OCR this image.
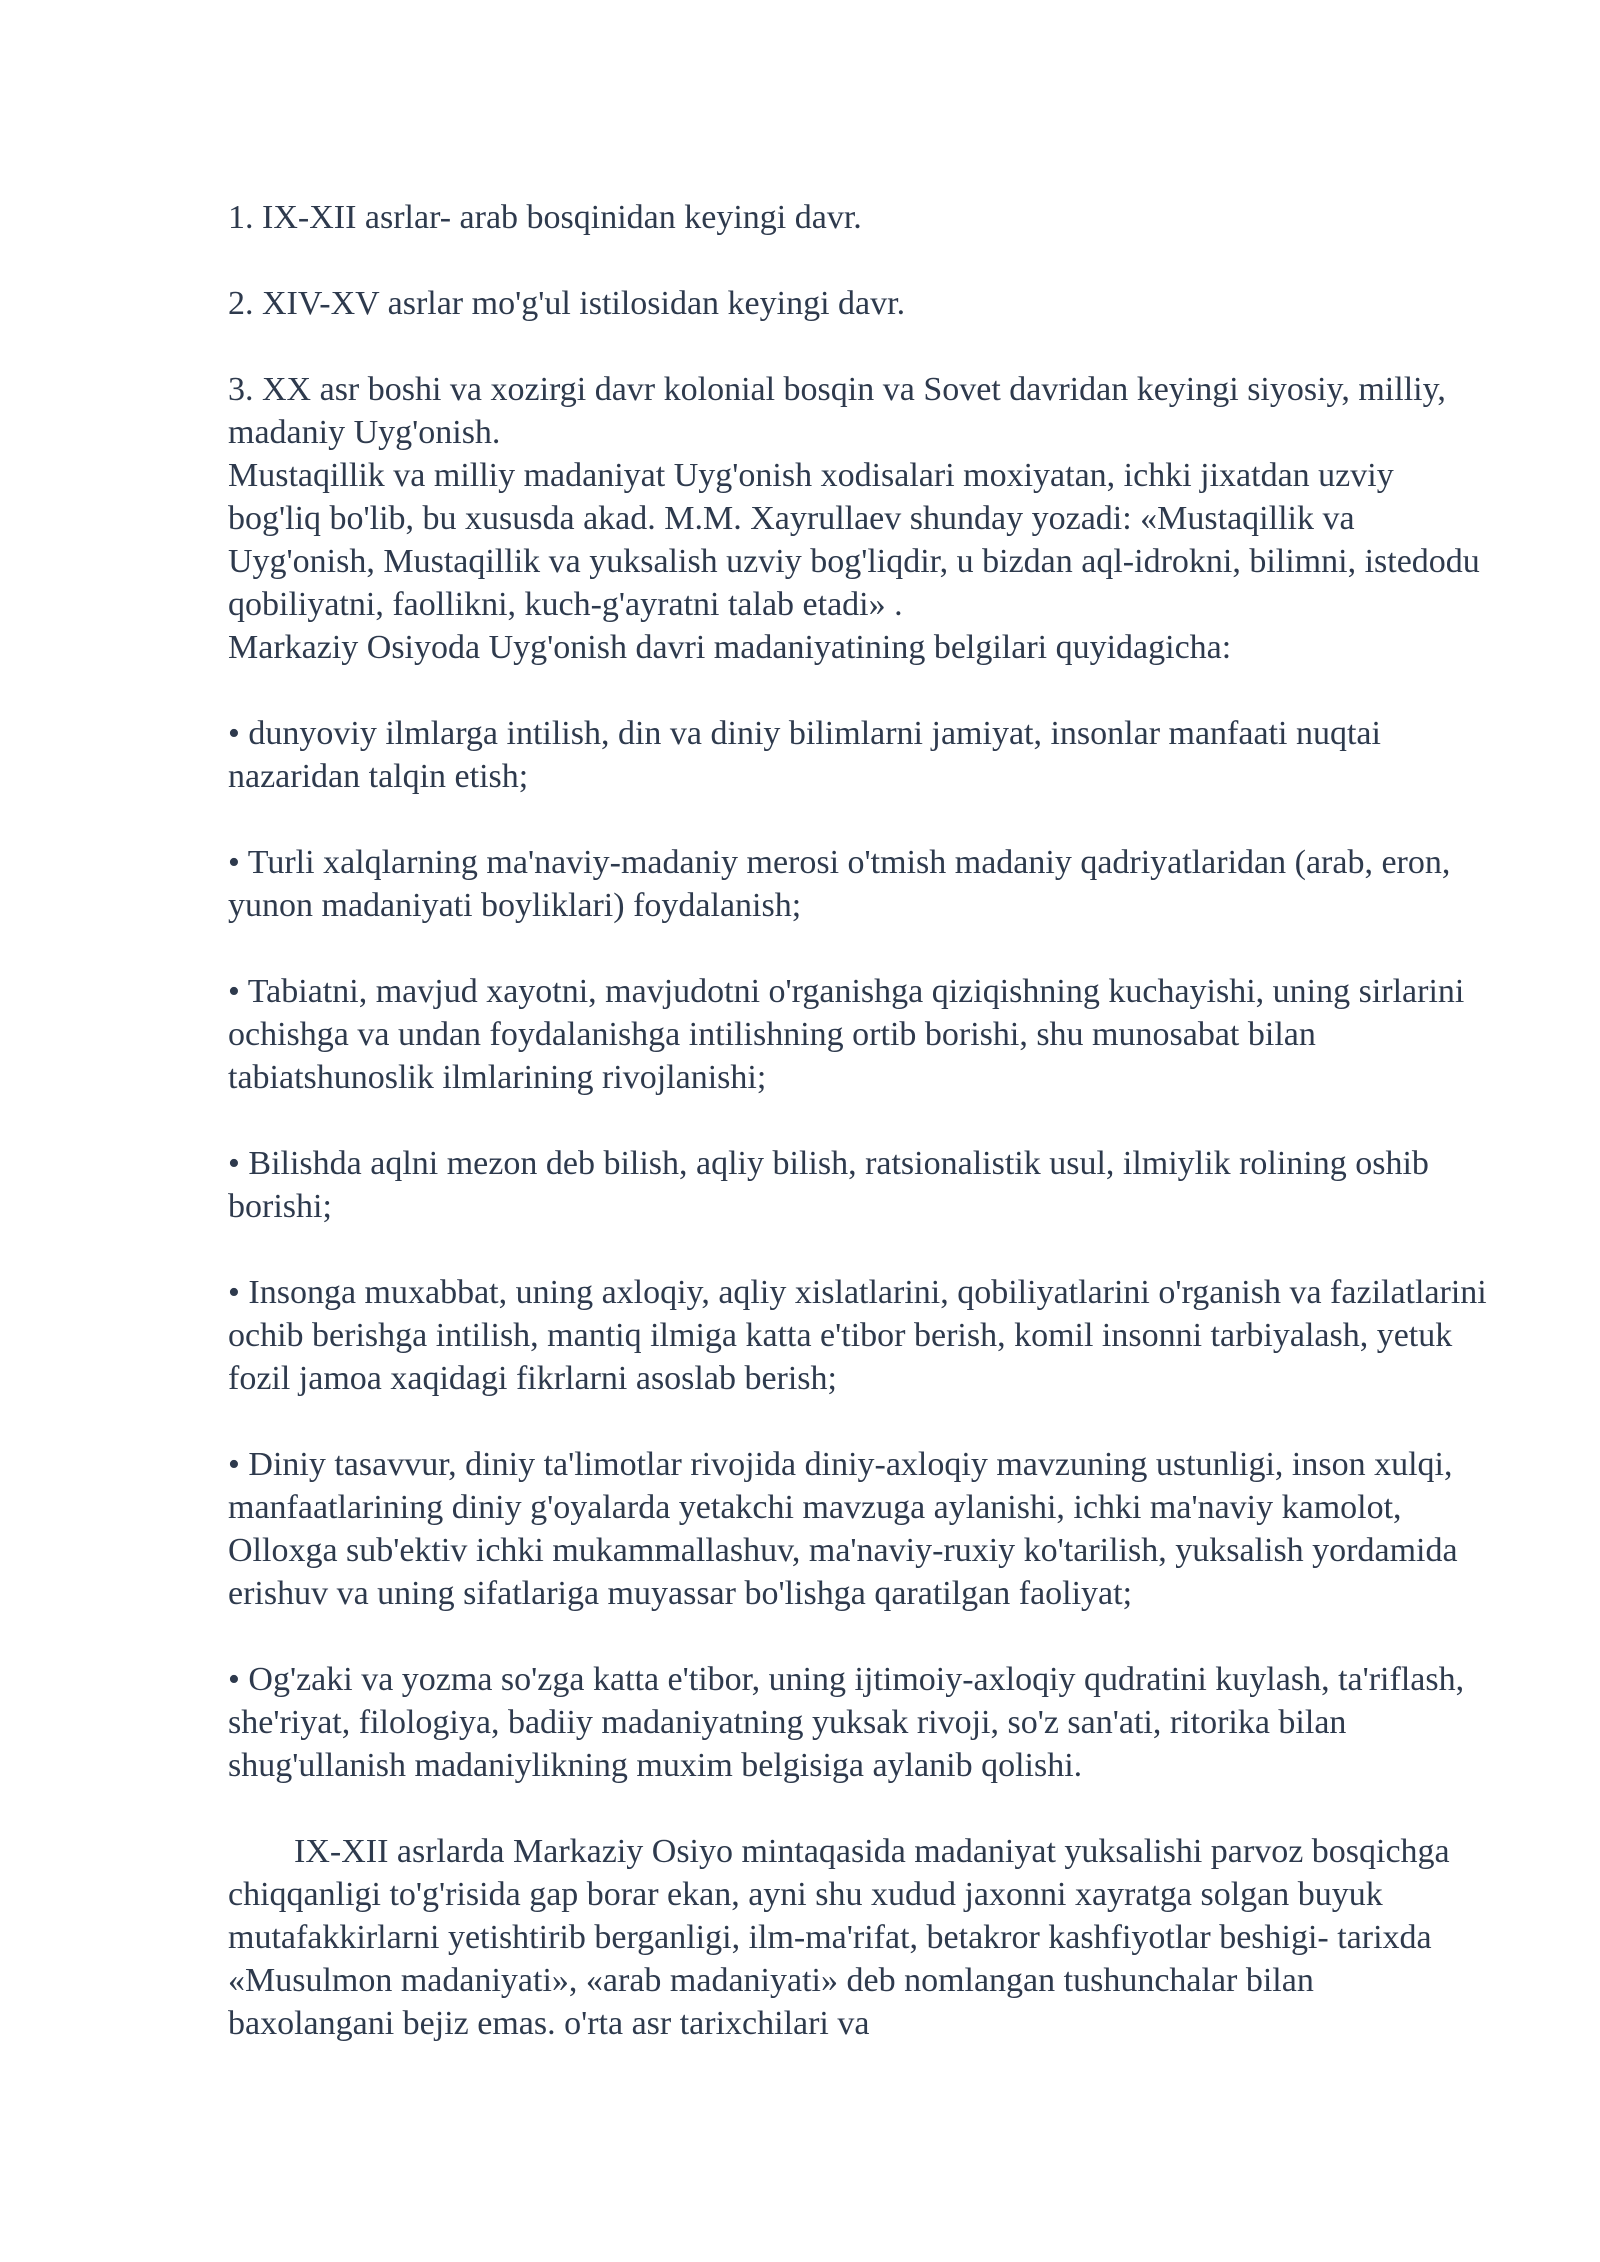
1. IX-XII asrlar- arab bosqinidan keyingi davr.

2. XIV-XV asrlar mo'g'ul istilosidan keyingi davr.

3. XX asr boshi va xozirgi davr kolonial bosqin va Sovet davridan keyingi siyosiy, milliy, madaniy Uyg'onish.

Mustaqillik va milliy madaniyat Uyg'onish xodisalari moxiyatan, ichki jixatdan uzviy bog'liq bo'lib, bu xususda akad. M.M. Xayrullaev shunday yozadi: «Mustaqillik va Uyg'onish, Mustaqillik va yuksalish uzviy bog'liqdir, u bizdan aql-idrokni, bilimni, istedodu qobiliyatni, faollikni, kuch-g'ayratni talab etadi» .

Markaziy Osiyoda Uyg'onish davri madaniyatining belgilari quyidagicha:

• dunyoviy ilmlarga intilish, din va diniy bilimlarni jamiyat, insonlar manfaati nuqtai nazaridan talqin etish;

• Turli xalqlarning ma'naviy-madaniy merosi o'tmish madaniy qadriyatlaridan (arab, eron, yunon madaniyati boyliklari) foydalanish;

• Tabiatni, mavjud xayotni, mavjudotni o'rganishga qiziqishning kuchayishi, uning sirlarini ochishga va undan foydalanishga intilishning ortib borishi, shu munosabat bilan tabiatshunoslik ilmlarining rivojlanishi;

• Bilishda aqlni mezon deb bilish, aqliy bilish, ratsionalistik usul, ilmiylik rolining oshib borishi;

• Insonga muxabbat, uning axloqiy, aqliy xislatlarini, qobiliyatlarini o'rganish va fazilatlarini ochib berishga intilish, mantiq ilmiga katta e'tibor berish, komil insonni tarbiyalash, yetuk fozil jamoa xaqidagi fikrlarni asoslab berish;

• Diniy tasavvur, diniy ta'limotlar rivojida diniy-axloqiy mavzuning ustunligi, inson xulqi, manfaatlarining diniy g'oyalarda yetakchi mavzuga aylanishi, ichki ma'naviy kamolot, Olloxga sub'ektiv ichki mukammallashuv, ma'naviy-ruxiy ko'tarilish, yuksalish yordamida erishuv va uning sifatlariga muyassar bo'lishga qaratilgan faoliyat;

• Og'zaki va yozma so'zga katta e'tibor, uning ijtimoiy-axloqiy qudratini kuylash, ta'riflash, she'riyat, filologiya, badiiy madaniyatning yuksak rivoji, so'z san'ati, ritorika bilan shug'ullanish madaniylikning muxim belgisiga aylanib qolishi.

IX-XII asrlarda Markaziy Osiyo mintaqasida madaniyat yuksalishi parvoz bosqichga chiqqanligi to'g'risida gap borar ekan, ayni shu xudud jaxonni xayratga solgan buyuk mutafakkirlarni yetishtirib berganligi, ilm-ma'rifat, betakror kashfiyotlar beshigi- tarixda «Musulmon madaniyati», «arab madaniyati» deb nomlangan tushunchalar bilan baxolangani bejiz emas. o'rta asr tarixchilari va
